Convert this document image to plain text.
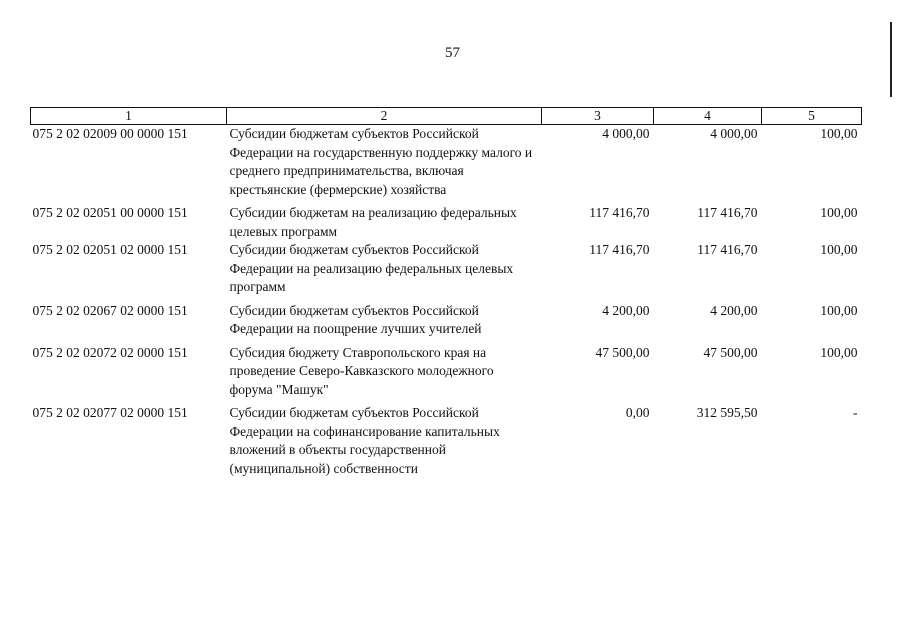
57
1	2	3	4	5
075 2 02 02009 00 0000 151	Субсидии бюджетам субъектов Российской Федерации на государственную поддержку малого и среднего предпринимательства, включая крестьянские (фермерские) хозяйства	4 000,00	4 000,00	100,00
075 2 02 02051 00 0000 151	Субсидии бюджетам на реализацию федеральных целевых программ	117 416,70	117 416,70	100,00
075 2 02 02051 02 0000 151	Субсидии бюджетам субъектов Российской Федерации на реализацию федеральных целевых программ	117 416,70	117 416,70	100,00
075 2 02 02067 02 0000 151	Субсидии бюджетам субъектов Российской Федерации на поощрение лучших учителей	4 200,00	4 200,00	100,00
075 2 02 02072 02 0000 151	Субсидия бюджету Ставропольского края на проведение Северо-Кавказского молодежного форума "Машук"	47 500,00	47 500,00	100,00
075 2 02 02077 02 0000 151	Субсидии бюджетам субъектов Российской Федерации на софинансирование капитальных вложений в объекты государственной (муниципальной) собственности	0,00	312 595,50	-
